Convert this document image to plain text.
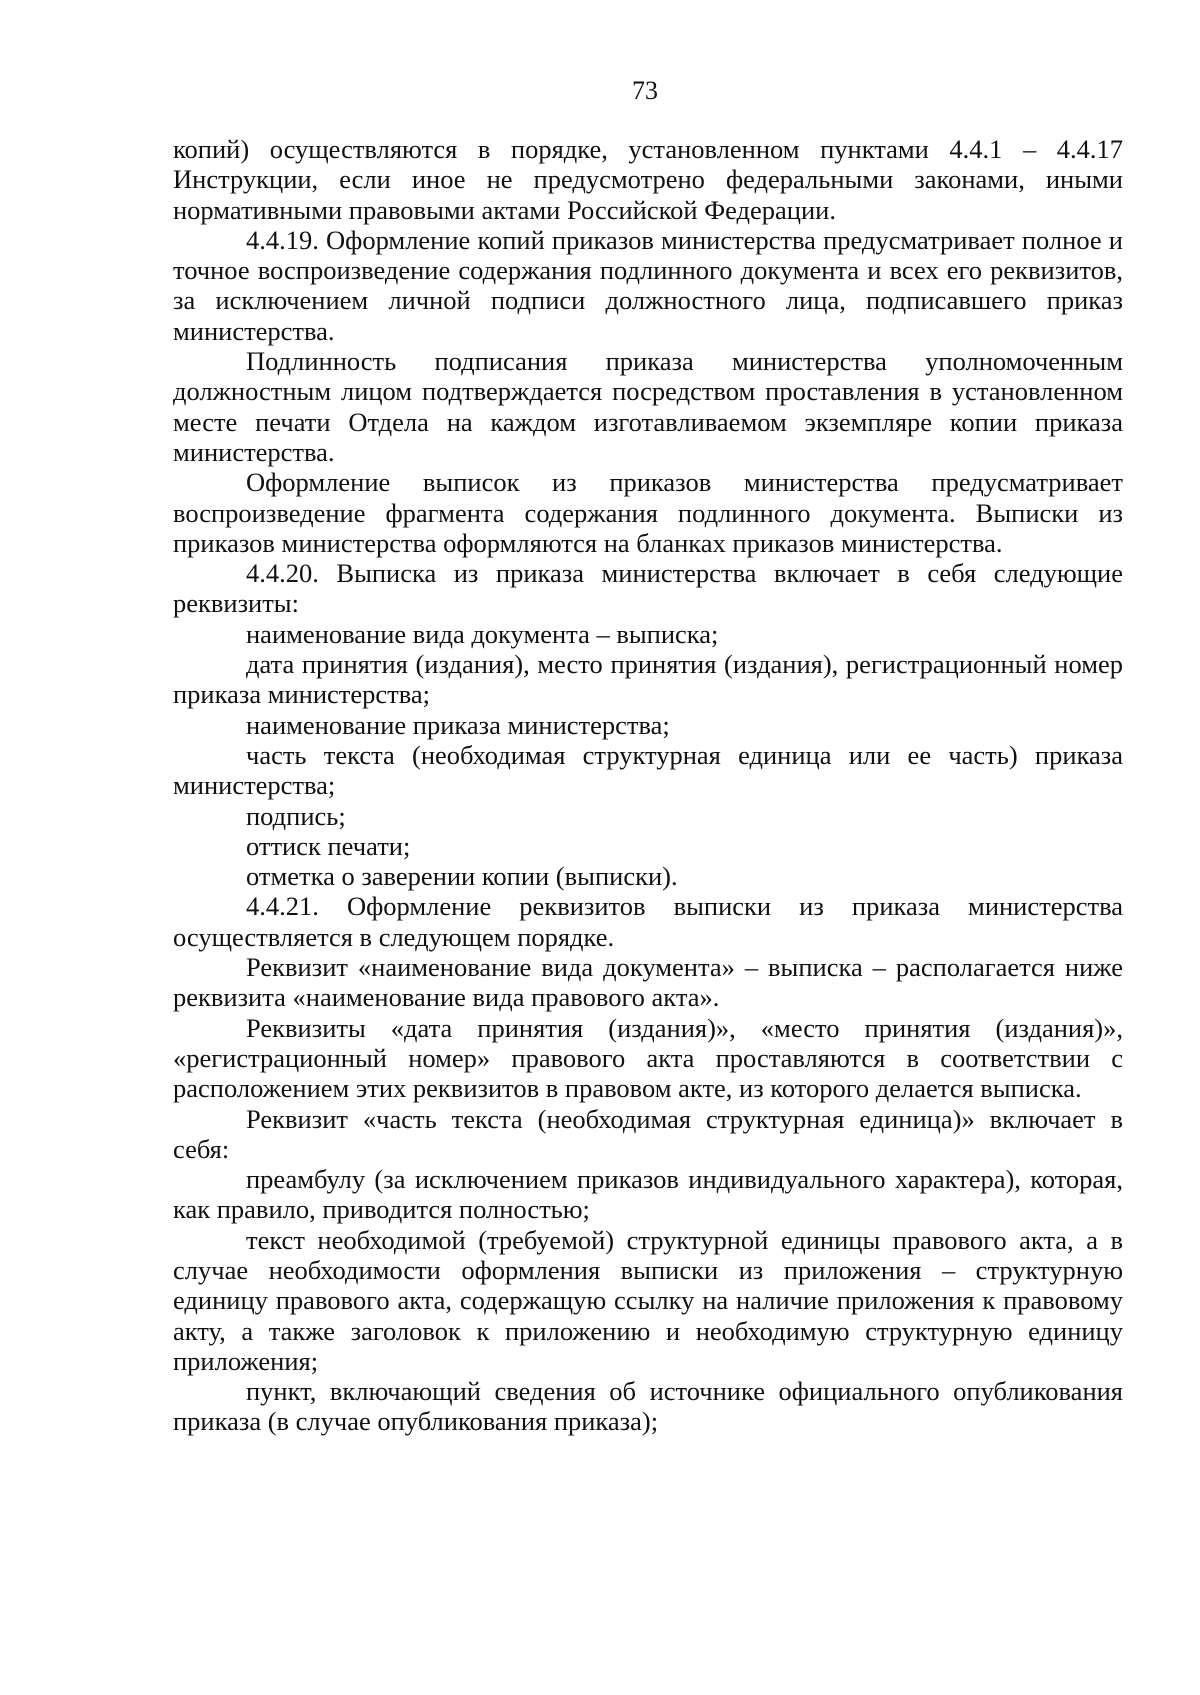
73

копий) осуществляются в порядке, установленном пунктами 4.4.1 – 4.4.17 Инструкции, если иное не предусмотрено федеральными законами, иными нормативными правовыми актами Российской Федерации.

4.4.19. Оформление копий приказов министерства предусматривает полное и точное воспроизведение содержания подлинного документа и всех его реквизитов, за исключением личной подписи должностного лица, подписавшего приказ министерства.

Подлинность подписания приказа министерства уполномоченным должностным лицом подтверждается посредством проставления в установленном месте печати Отдела на каждом изготавливаемом экземпляре копии приказа министерства.

Оформление выписок из приказов министерства предусматривает воспроизведение фрагмента содержания подлинного документа. Выписки из приказов министерства оформляются на бланках приказов министерства.

4.4.20. Выписка из приказа министерства включает в себя следующие реквизиты:

наименование вида документа – выписка;

дата принятия (издания), место принятия (издания), регистрационный номер приказа министерства;

наименование приказа министерства;

часть текста (необходимая структурная единица или ее часть) приказа министерства;

подпись;

оттиск печати;

отметка о заверении копии (выписки).

4.4.21. Оформление реквизитов выписки из приказа министерства осуществляется в следующем порядке.

Реквизит «наименование вида документа» – выписка – располагается ниже реквизита «наименование вида правового акта».

Реквизиты «дата принятия (издания)», «место принятия (издания)», «регистрационный номер» правового акта проставляются в соответствии с расположением этих реквизитов в правовом акте, из которого делается выписка.

Реквизит «часть текста (необходимая структурная единица)» включает в себя:

преамбулу (за исключением приказов индивидуального характера), которая, как правило, приводится полностью;

текст необходимой (требуемой) структурной единицы правового акта, а в случае необходимости оформления выписки из приложения – структурную единицу правового акта, содержащую ссылку на наличие приложения к правовому акту, а также заголовок к приложению и необходимую структурную единицу приложения;

пункт, включающий сведения об источнике официального опубликования приказа (в случае опубликования приказа);
